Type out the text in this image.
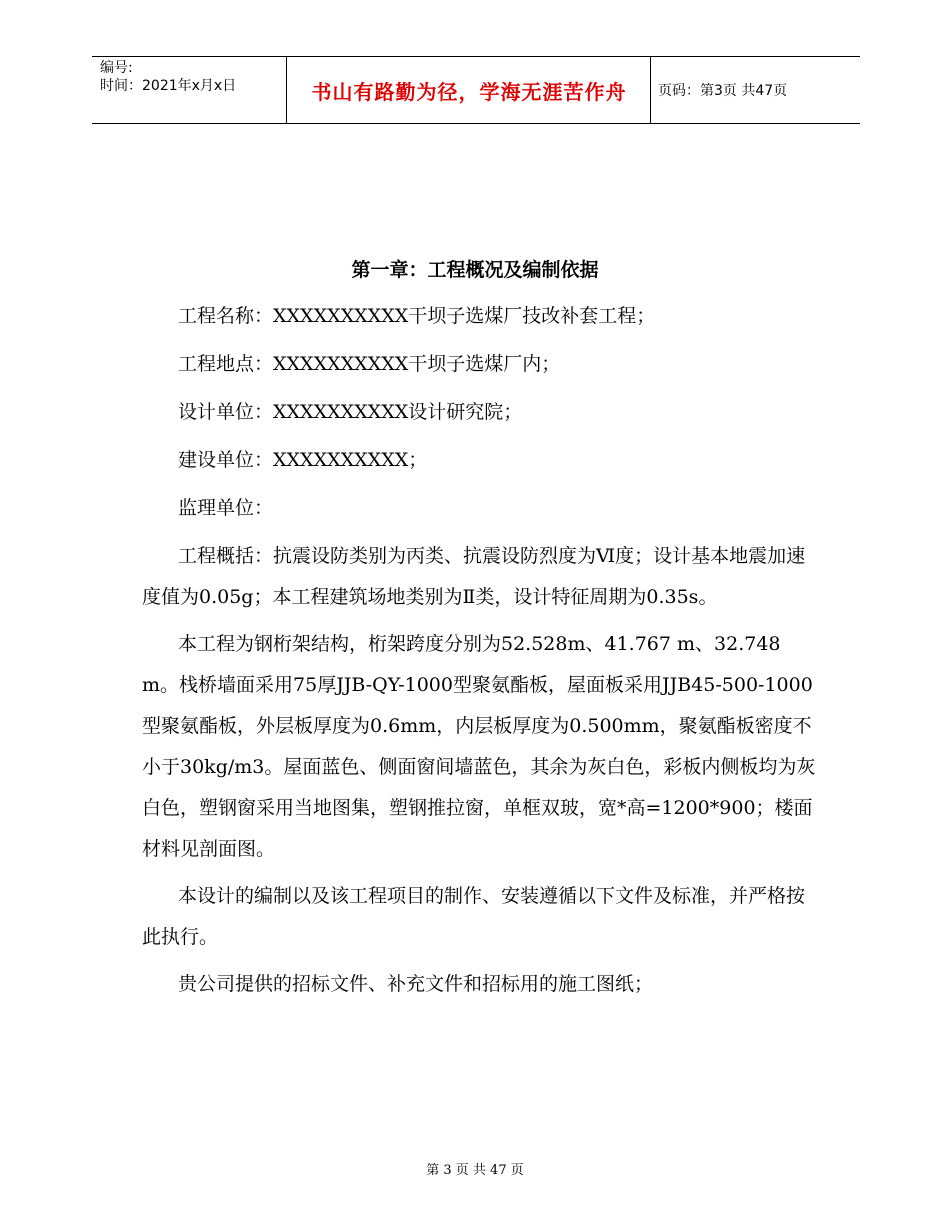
编号:
时间：2021年x月x日	书山有路勤为径，学海无涯苦作舟	页码：第3页 共47页
第一章：工程概况及编制依据

工程名称：XXXXXXXXXX干坝子选煤厂技改补套工程；

工程地点：XXXXXXXXXX干坝子选煤厂内；

设计单位：XXXXXXXXXX设计研究院；

建设单位：XXXXXXXXXX；

监理单位：

工程概括：抗震设防类别为丙类、抗震设防烈度为Ⅵ度；设计基本地震加速度值为0.05g；本工程建筑场地类别为Ⅱ类，设计特征周期为0.35s。

本工程为钢桁架结构，桁架跨度分别为52.528m、41.767 m、32.748 m。栈桥墙面采用75厚JJB-QY-1000型聚氨酯板，屋面板采用JJB45-500-1000型聚氨酯板，外层板厚度为0.6mm，内层板厚度为0.500mm，聚氨酯板密度不小于30kg/m3。屋面蓝色、侧面窗间墙蓝色，其余为灰白色，彩板内侧板均为灰白色，塑钢窗采用当地图集，塑钢推拉窗，单框双玻，宽*高=1200*900；楼面材料见剖面图。

本设计的编制以及该工程项目的制作、安装遵循以下文件及标准，并严格按此执行。

贵公司提供的招标文件、补充文件和招标用的施工图纸；

第 3 页 共 47 页
